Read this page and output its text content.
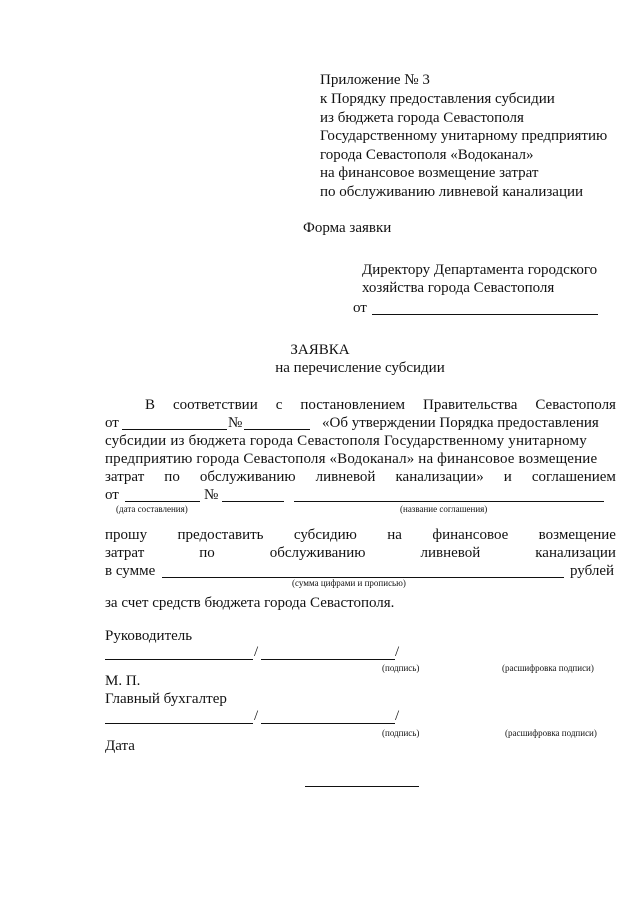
Приложение № 3
к Порядку предоставления субсидии
из бюджета города Севастополя
Государственному унитарному предприятию
города Севастополя «Водоканал»
на финансовое возмещение затрат
по обслуживанию ливневой канализации
Форма заявки
Директору Департамента городского
хозяйства города Севастополя
от
ЗАЯВКА
на перечисление субсидии
В соответствии с постановлением Правительства Севастополя
от	№	«Об утверждении Порядка предоставления
субсидии из бюджета города Севастополя Государственному унитарному
предприятию города Севастополя «Водоканал» на финансовое возмещение
затрат по обслуживанию ливневой канализации» и соглашением
от	№
(дата составления)	(название соглашения)
прошу предоставить субсидию на финансовое возмещение
затрат	по	обслуживанию	ливневой	канализации
в сумме	рублей
(сумма цифрами и прописью)
за счет средств бюджета города Севастополя.
Руководитель
/	/
(подпись)	(расшифровка подписи)
М. П.
Главный бухгалтер
/	/
(подпись)	(расшифровка подписи)
Дата
